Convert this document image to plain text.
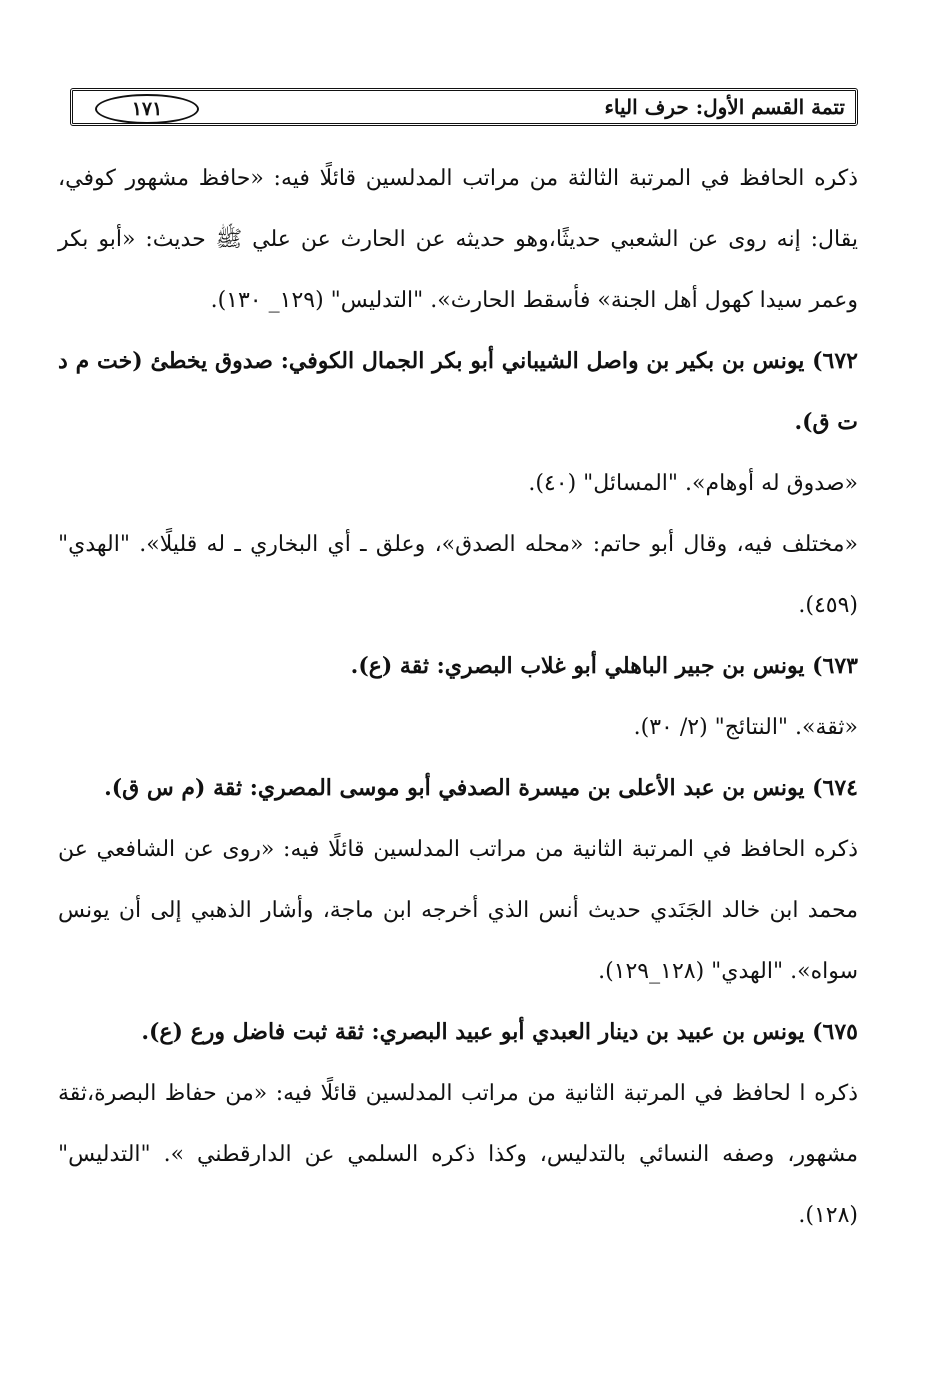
تتمة القسم الأول: حرف الياء
١٧١

ذكره الحافظ في المرتبة الثالثة من مراتب المدلسين قائلًا فيه: «حافظ مشهور كوفي، يقال: إنه روى عن الشعبي حديثًا،وهو حديثه عن الحارث عن علي ﷺ حديث: «أبو بكر وعمر سيدا كهول أهل الجنة» فأسقط الحارث». "التدليس" (١٢٩_ ١٣٠).

٦٧٢) يونس بن بكير بن واصل الشيباني أبو بكر الجمال الكوفي: صدوق يخطئ (خت م د ت ق).

«صدوق له أوهام». "المسائل" (٤٠).

«مختلف فيه، وقال أبو حاتم: «محله الصدق»، وعلق ـ أي البخاري ـ له قليلًا». "الهدي" (٤٥٩).

٦٧٣) يونس بن جبير الباهلي أبو غلاب البصري: ثقة (ع).

«ثقة». "النتائج" (٢/ ٣٠).

٦٧٤) يونس بن عبد الأعلى بن ميسرة الصدفي أبو موسى المصري: ثقة (م س ق).

ذكره الحافظ في المرتبة الثانية من مراتب المدلسين قائلًا فيه: «روى عن الشافعي عن محمد ابن خالد الجَنَدي حديث أنس الذي أخرجه ابن ماجة، وأشار الذهبي إلى أن يونس سواه». "الهدي" (١٢٨_١٢٩).

٦٧٥) يونس بن عبيد بن دينار العبدي أبو عبيد البصري: ثقة ثبت فاضل ورع (ع).

ذكره ا لحافظ في المرتبة الثانية من مراتب المدلسين قائلًا فيه: «من حفاظ البصرة،ثقة مشهور، وصفه النسائي بالتدليس، وكذا ذكره السلمي عن الدارقطني ». "التدليس" (١٢٨).
